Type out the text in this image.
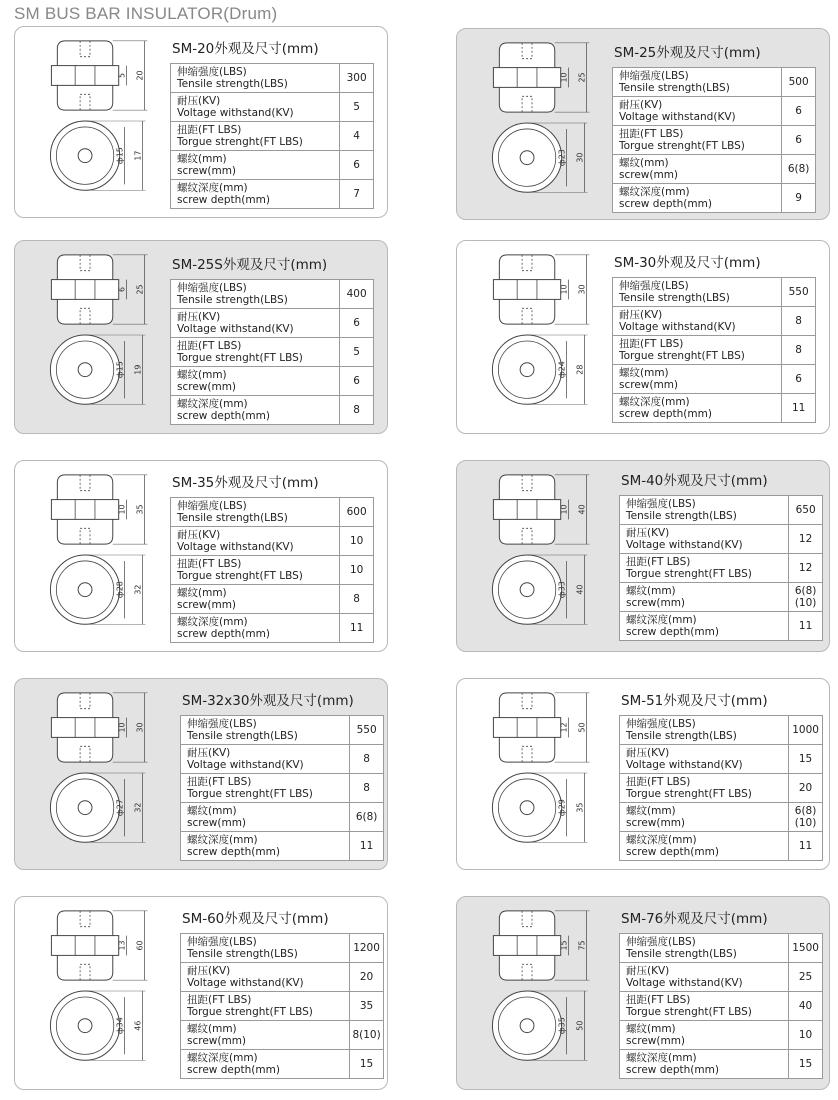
SM BUS BAR INSULATOR(Drum)
5 20
ф15 17
SM-20外观及尺寸(mm)
伸缩强度(LBS)
Tensile strength(LBS)	300

耐压(KV)
Voltage withstand(KV)	5

扭距(FT LBS)
Torgue strenght(FT LBS)	4

螺纹(mm)
screw(mm)	6

螺纹深度(mm)
screw depth(mm)	7
10 25
ф23 30
SM-25外观及尺寸(mm)
伸缩强度(LBS)
Tensile strength(LBS)	500

耐压(KV)
Voltage withstand(KV)	6

扭距(FT LBS)
Torgue strenght(FT LBS)	6

螺纹(mm)
screw(mm)	6(8)

螺纹深度(mm)
screw depth(mm)	9
6 25
ф15 19
SM-25S外观及尺寸(mm)
伸缩强度(LBS)
Tensile strength(LBS)	400

耐压(KV)
Voltage withstand(KV)	6

扭距(FT LBS)
Torgue strenght(FT LBS)	5

螺纹(mm)
screw(mm)	6

螺纹深度(mm)
screw depth(mm)	8
10 30
ф24 28
SM-30外观及尺寸(mm)
伸缩强度(LBS)
Tensile strength(LBS)	550

耐压(KV)
Voltage withstand(KV)	8

扭距(FT LBS)
Torgue strenght(FT LBS)	8

螺纹(mm)
screw(mm)	6

螺纹深度(mm)
screw depth(mm)	11
10 35
ф28 32
SM-35外观及尺寸(mm)
伸缩强度(LBS)
Tensile strength(LBS)	600

耐压(KV)
Voltage withstand(KV)	10

扭距(FT LBS)
Torgue strenght(FT LBS)	10

螺纹(mm)
screw(mm)	8

螺纹深度(mm)
screw depth(mm)	11
10 40
ф33 40
SM-40外观及尺寸(mm)
伸缩强度(LBS)
Tensile strength(LBS)	650

耐压(KV)
Voltage withstand(KV)	12

扭距(FT LBS)
Torgue strenght(FT LBS)	12

螺纹(mm)
screw(mm)	6(8)(10)

螺纹深度(mm)
screw depth(mm)	11
10 30
ф27 32
SM-32x30外观及尺寸(mm)
伸缩强度(LBS)
Tensile strength(LBS)	550

耐压(KV)
Voltage withstand(KV)	8

扭距(FT LBS)
Torgue strenght(FT LBS)	8

螺纹(mm)
screw(mm)	6(8)

螺纹深度(mm)
screw depth(mm)	11
12 50
ф29 35
SM-51外观及尺寸(mm)
伸缩强度(LBS)
Tensile strength(LBS)	1000

耐压(KV)
Voltage withstand(KV)	15

扭距(FT LBS)
Torgue strenght(FT LBS)	20

螺纹(mm)
screw(mm)	6(8)(10)

螺纹深度(mm)
screw depth(mm)	11
13 60
ф34 46
SM-60外观及尺寸(mm)
伸缩强度(LBS)
Tensile strength(LBS)	1200

耐压(KV)
Voltage withstand(KV)	20

扭距(FT LBS)
Torgue strenght(FT LBS)	35

螺纹(mm)
screw(mm)	8(10)

螺纹深度(mm)
screw depth(mm)	15
15 75
ф35 50
SM-76外观及尺寸(mm)
伸缩强度(LBS)
Tensile strength(LBS)	1500

耐压(KV)
Voltage withstand(KV)	25

扭距(FT LBS)
Torgue strenght(FT LBS)	40

螺纹(mm)
screw(mm)	10

螺纹深度(mm)
screw depth(mm)	15
